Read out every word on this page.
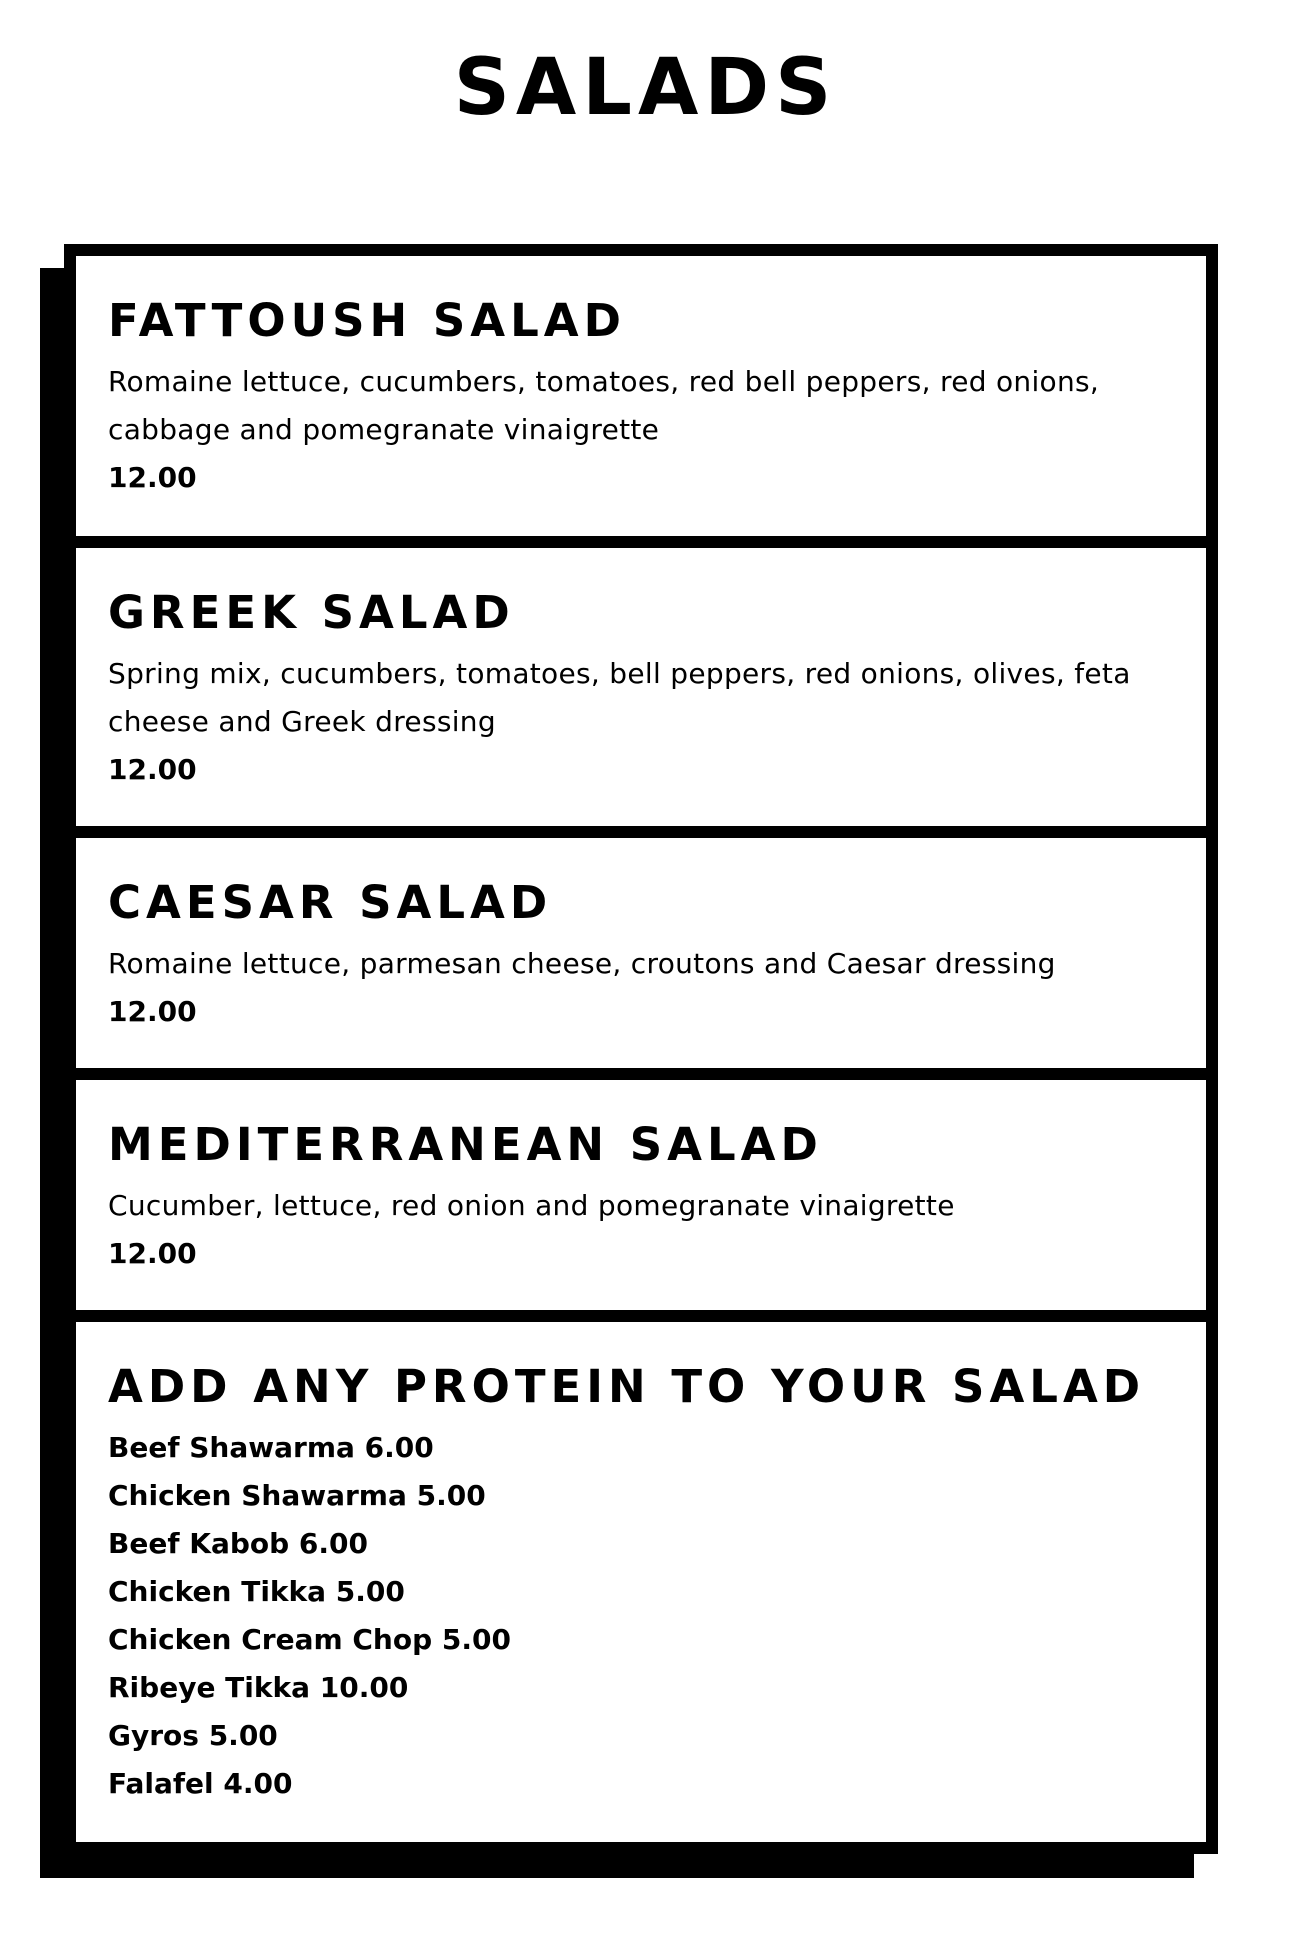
SALADS
FATTOUSH SALAD

Romaine lettuce, cucumbers, tomatoes, red bell peppers, red onions, cabbage and pomegranate vinaigrette

12.00

GREEK SALAD

Spring mix, cucumbers, tomatoes, bell peppers, red onions, olives, feta cheese and Greek dressing

12.00

CAESAR SALAD

Romaine lettuce, parmesan cheese, croutons and Caesar dressing

12.00

MEDITERRANEAN SALAD

Cucumber, lettuce, red onion and pomegranate vinaigrette

12.00

ADD ANY PROTEIN TO YOUR SALAD
Beef Shawarma 6.00
Chicken Shawarma 5.00
Beef Kabob 6.00
Chicken Tikka 5.00
Chicken Cream Chop 5.00
Ribeye Tikka 10.00
Gyros 5.00
Falafel 4.00
